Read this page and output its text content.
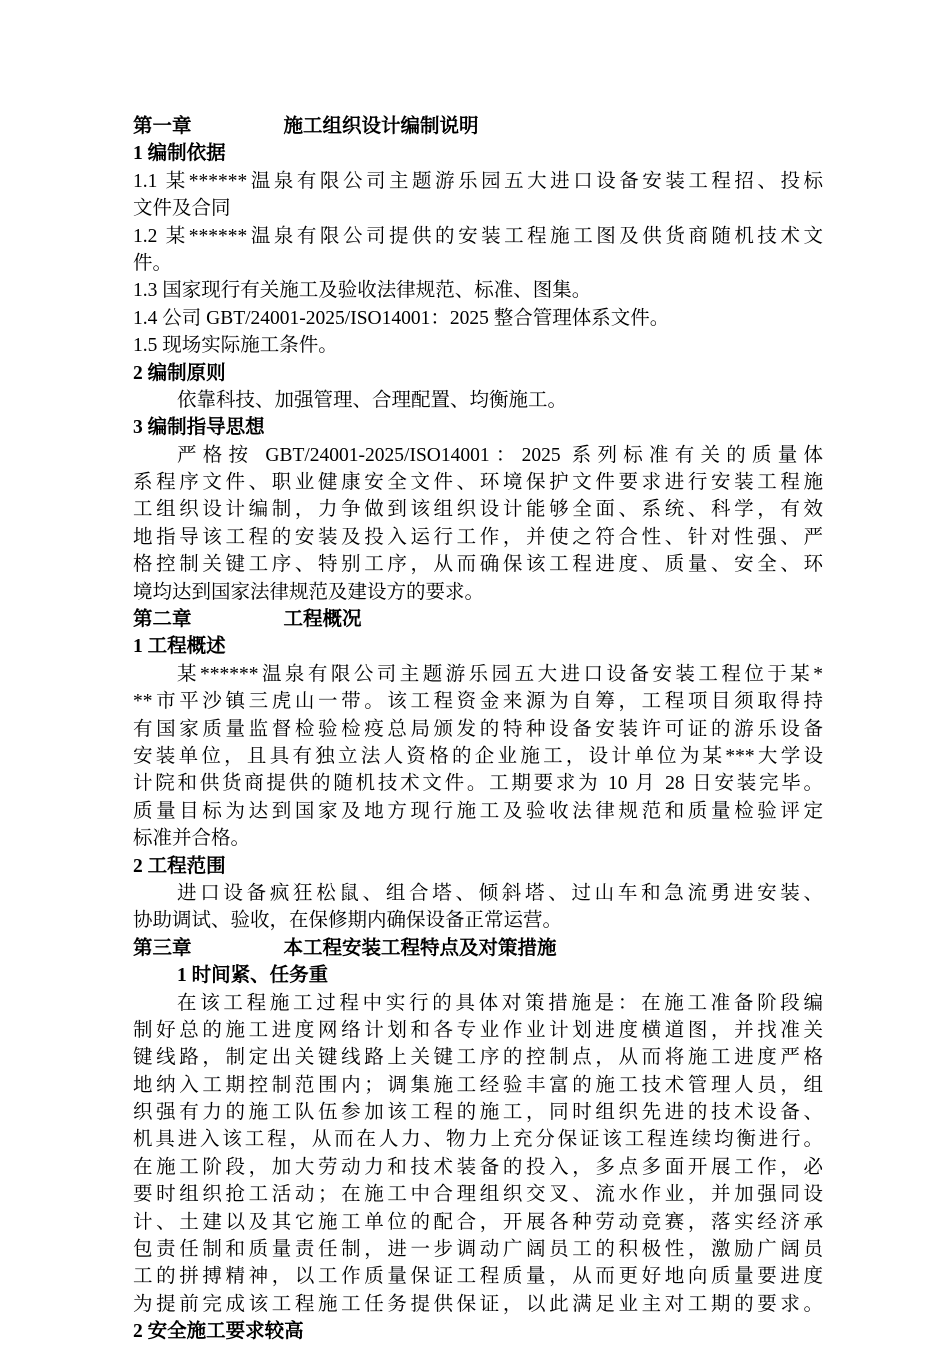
第一章	施工组织设计编制说明
1 编制依据
1.1 某******温泉有限公司主题游乐园五大进口设备安装工程招、投标
文件及合同
1.2 某******温泉有限公司提供的安装工程施工图及供货商随机技术文
件。
1.3 国家现行有关施工及验收法律规范、标准、图集。
1.4 公司 GBT/24001-2025/ISO14001：2025 整合管理体系文件。
1.5 现场实际施工条件。
2 编制原则
依靠科技、加强管理、合理配置、均衡施工。
3 编制指导思想
严格按 GBT/24001-2025/ISO14001：2025 系列标准有关的质量体
系程序文件、职业健康安全文件、环境保护文件要求进行安装工程施
工组织设计编制，力争做到该组织设计能够全面、系统、科学，有效
地指导该工程的安装及投入运行工作，并使之符合性、针对性强、严
格控制关键工序、特别工序，从而确保该工程进度、质量、安全、环
境均达到国家法律规范及建设方的要求。
第二章	工程概况
1 工程概述
某******温泉有限公司主题游乐园五大进口设备安装工程位于某*
**市平沙镇三虎山一带。该工程资金来源为自筹，工程项目须取得持
有国家质量监督检验检疫总局颁发的特种设备安装许可证的游乐设备
安装单位，且具有独立法人资格的企业施工，设计单位为某***大学设
计院和供货商提供的随机技术文件。工期要求为 10 月 28 日安装完毕。
质量目标为达到国家及地方现行施工及验收法律规范和质量检验评定
标准并合格。
2 工程范围
进口设备疯狂松鼠、组合塔、倾斜塔、过山车和急流勇进安装、
协助调试、验收，在保修期内确保设备正常运营。
第三章	本工程安装工程特点及对策措施
1 时间紧、任务重
在该工程施工过程中实行的具体对策措施是：在施工准备阶段编
制好总的施工进度网络计划和各专业作业计划进度横道图，并找准关
键线路，制定出关键线路上关键工序的控制点，从而将施工进度严格
地纳入工期控制范围内；调集施工经验丰富的施工技术管理人员，组
织强有力的施工队伍参加该工程的施工，同时组织先进的技术设备、
机具进入该工程，从而在人力、物力上充分保证该工程连续均衡进行。
在施工阶段，加大劳动力和技术装备的投入，多点多面开展工作，必
要时组织抢工活动；在施工中合理组织交叉、流水作业，并加强同设
计、土建以及其它施工单位的配合，开展各种劳动竞赛，落实经济承
包责任制和质量责任制，进一步调动广阔员工的积极性，激励广阔员
工的拼搏精神，以工作质量保证工程质量，从而更好地向质量要进度
为提前完成该工程施工任务提供保证，以此满足业主对工期的要求。
2 安全施工要求较高
